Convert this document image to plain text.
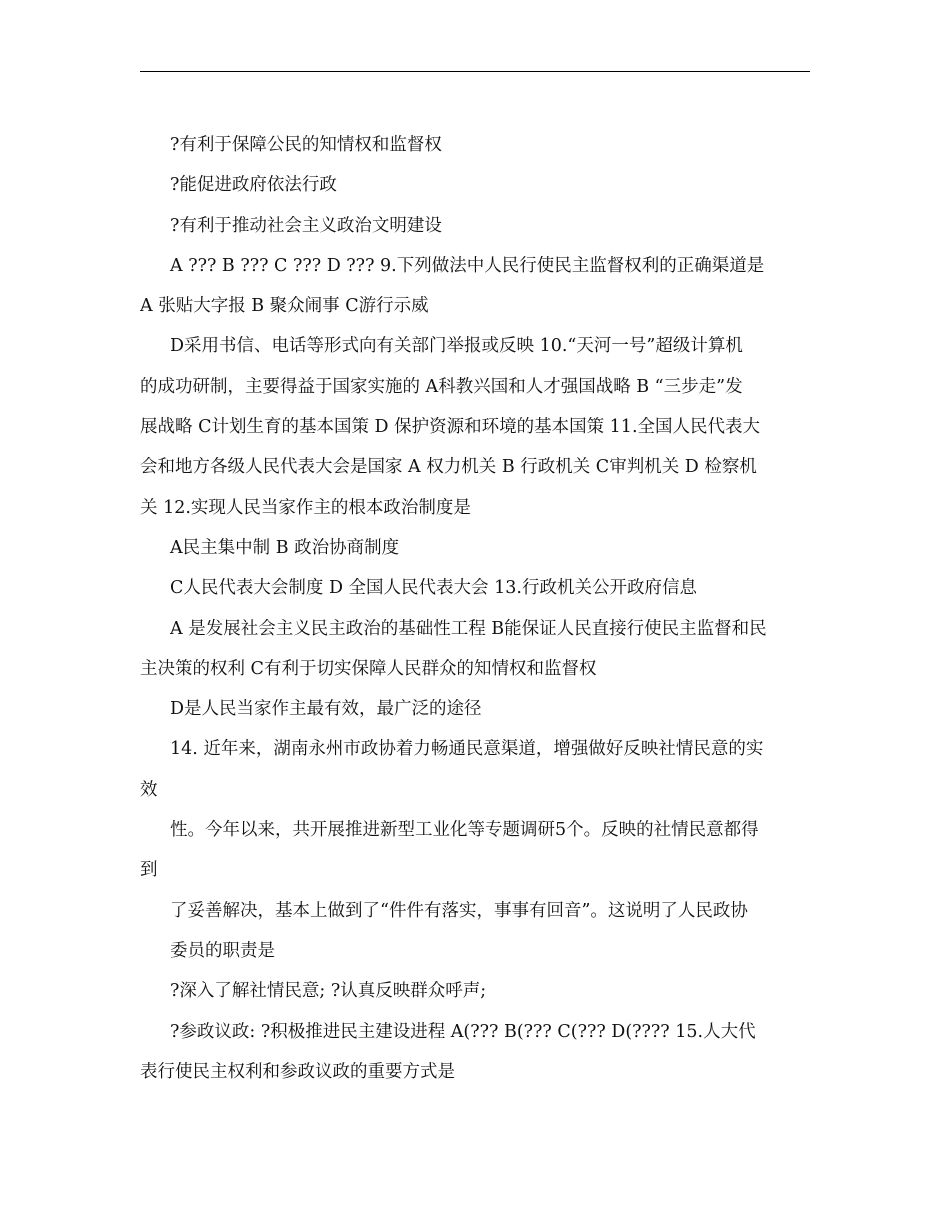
?有利于保障公民的知情权和监督权
?能促进政府依法行政
?有利于推动社会主义政治文明建设
A ??? B ??? C ??? D ??? 9.下列做法中人民行使民主监督权利的正确渠道是
A 张贴大字报 B 聚众闹事 C游行示威
D采用书信、电话等形式向有关部门举报或反映 10.“天河一号”超级计算机
的成功研制，主要得益于国家实施的 A科教兴国和人才强国战略 B “三步走”发
展战略 C计划生育的基本国策 D 保护资源和环境的基本国策 11.全国人民代表大
会和地方各级人民代表大会是国家 A 权力机关 B 行政机关 C审判机关 D 检察机
关 12.实现人民当家作主的根本政治制度是
A民主集中制 B 政治协商制度
C人民代表大会制度 D 全国人民代表大会 13.行政机关公开政府信息
A 是发展社会主义民主政治的基础性工程 B能保证人民直接行使民主监督和民
主决策的权利 C有利于切实保障人民群众的知情权和监督权
D是人民当家作主最有效，最广泛的途径
14. 近年来，湖南永州市政协着力畅通民意渠道，增强做好反映社情民意的实
效
性。今年以来，共开展推进新型工业化等专题调研5个。反映的社情民意都得
到
了妥善解决，基本上做到了“件件有落实，事事有回音”。这说明了人民政协
委员的职责是
?深入了解社情民意; ?认真反映群众呼声;
?参政议政: ?积极推进民主建设进程 A(??? B(??? C(??? D(???? 15.人大代
表行使民主权利和参政议政的重要方式是
